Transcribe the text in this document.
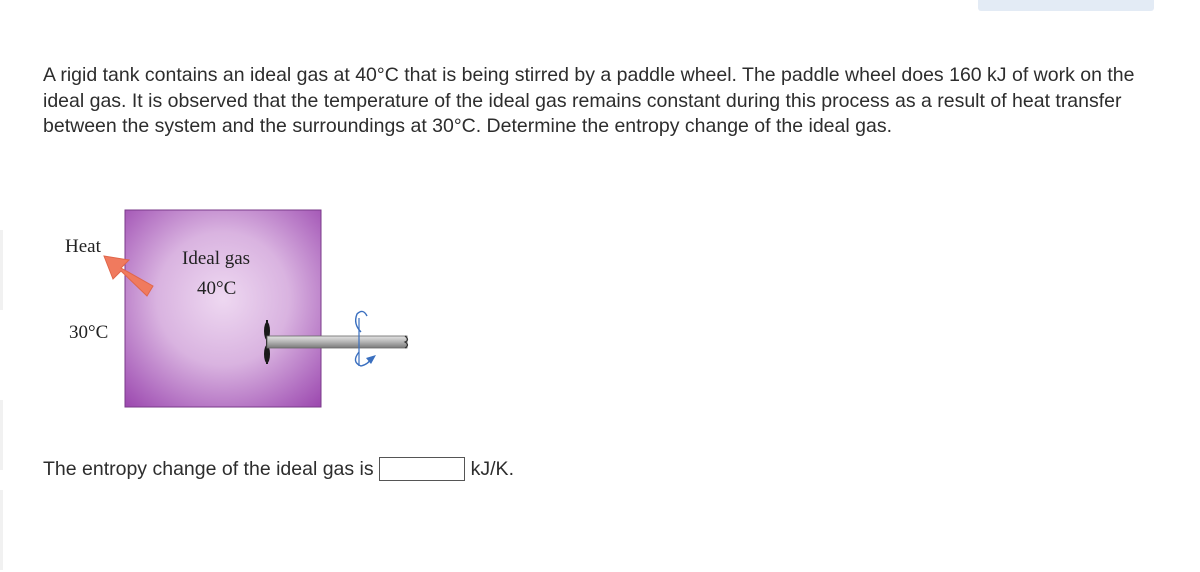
A rigid tank contains an ideal gas at 40°C that is being stirred by a paddle wheel. The paddle wheel does 160 kJ of work on the ideal gas. It is observed that the temperature of the ideal gas remains constant during this process as a result of heat transfer between the system and the surroundings at 30°C. Determine the entropy change of the ideal gas.

Heat
30°C
Ideal gas
40°C
The entropy change of the ideal gas is	kJ/K.
